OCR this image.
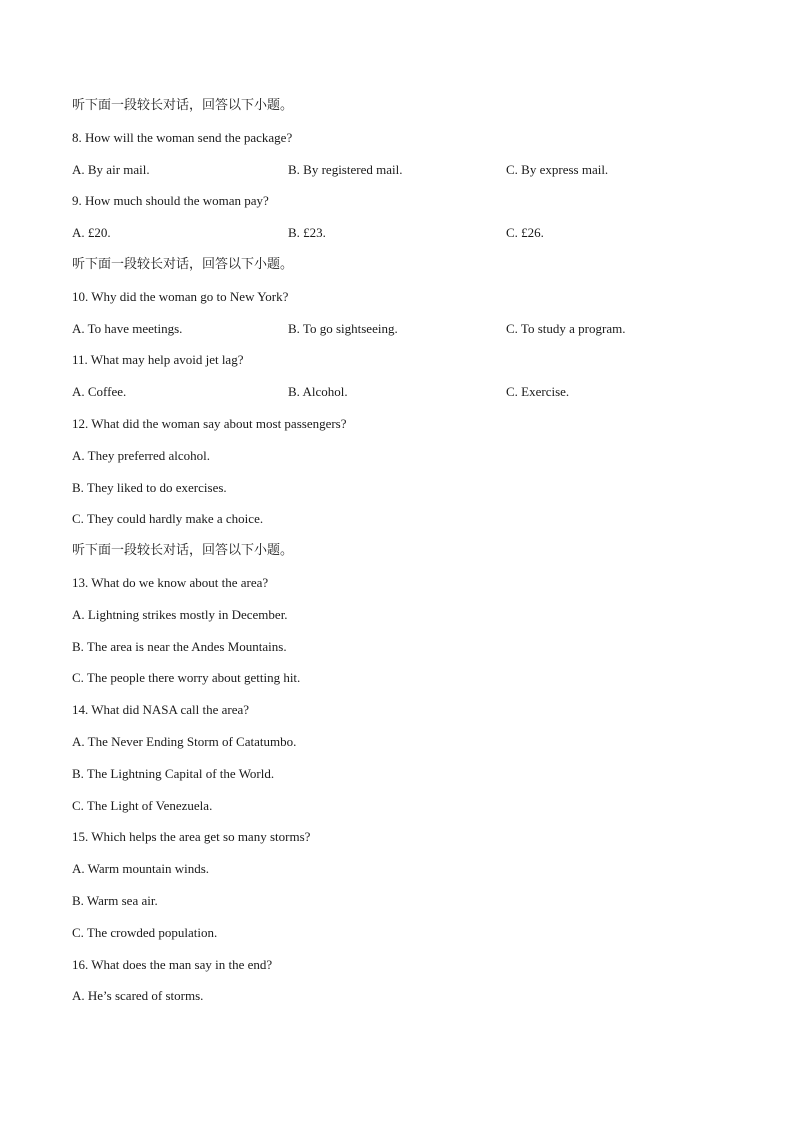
听下面一段较长对话，回答以下小题。
8. How will the woman send the package?
A. By air mail.	B. By registered mail.	C. By express mail.
9. How much should the woman pay?
A. £20.	B. £23.	C. £26.
听下面一段较长对话，回答以下小题。
10. Why did the woman go to New York?
A. To have meetings.	B. To go sightseeing.	C. To study a program.
11. What may help avoid jet lag?
A. Coffee.	B. Alcohol.	C. Exercise.
12. What did the woman say about most passengers?
A. They preferred alcohol.
B. They liked to do exercises.
C. They could hardly make a choice.
听下面一段较长对话，回答以下小题。
13. What do we know about the area?
A. Lightning strikes mostly in December.
B. The area is near the Andes Mountains.
C. The people there worry about getting hit.
14. What did NASA call the area?
A. The Never Ending Storm of Catatumbo.
B. The Lightning Capital of the World.
C. The Light of Venezuela.
15. Which helps the area get so many storms?
A. Warm mountain winds.
B. Warm sea air.
C. The crowded population.
16. What does the man say in the end?
A. He’s scared of storms.
